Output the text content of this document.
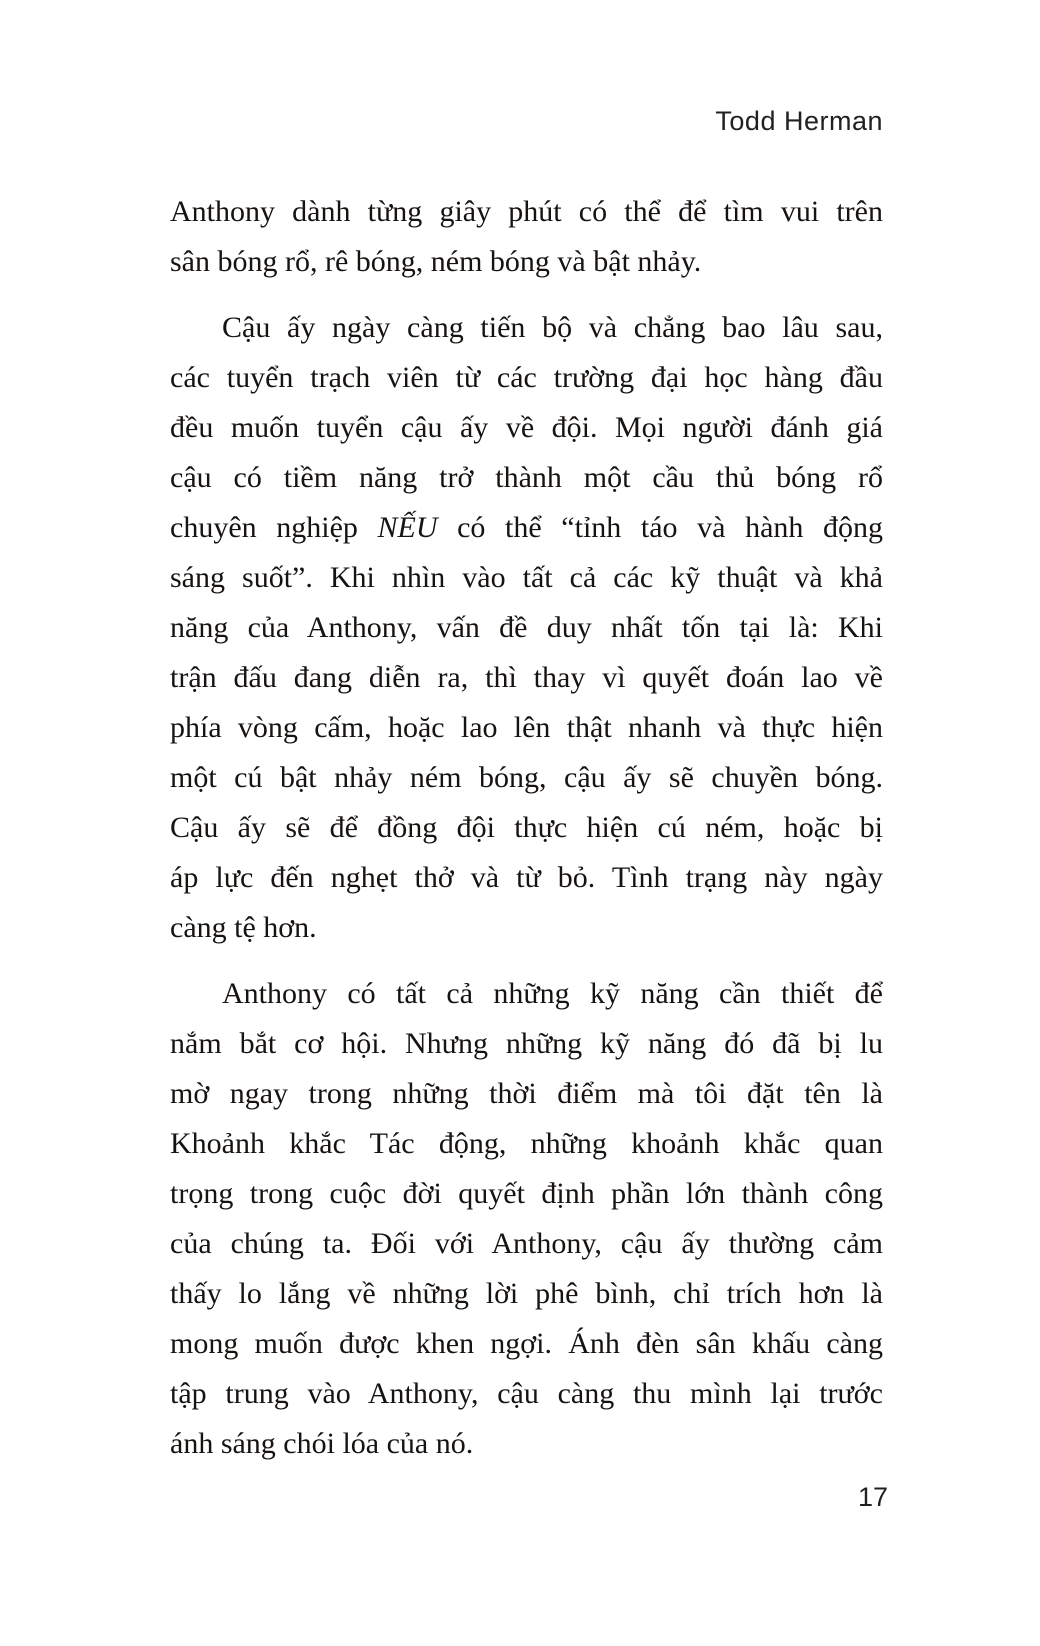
Todd Herman
Anthony dành từng giây phút có thể để tìm vui trên
sân bóng rổ, rê bóng, ném bóng và bật nhảy.
Cậu ấy ngày càng tiến bộ và chẳng bao lâu sau,
các tuyển trạch viên từ các trường đại học hàng đầu
đều muốn tuyển cậu ấy về đội. Mọi người đánh giá
cậu có tiềm năng trở thành một cầu thủ bóng rổ
chuyên nghiệp NẾU có thể “tỉnh táo và hành động
sáng suốt”. Khi nhìn vào tất cả các kỹ thuật và khả
năng của Anthony, vấn đề duy nhất tốn tại là: Khi
trận đấu đang diễn ra, thì thay vì quyết đoán lao về
phía vòng cấm, hoặc lao lên thật nhanh và thực hiện
một cú bật nhảy ném bóng, cậu ấy sẽ chuyền bóng.
Cậu ấy sẽ để đồng đội thực hiện cú ném, hoặc bị
áp lực đến nghẹt thở và từ bỏ. Tình trạng này ngày
càng tệ hơn.
Anthony có tất cả những kỹ năng cần thiết để
nắm bắt cơ hội. Nhưng những kỹ năng đó đã bị lu
mờ ngay trong những thời điểm mà tôi đặt tên là
Khoảnh khắc Tác động, những khoảnh khắc quan
trọng trong cuộc đời quyết định phần lớn thành công
của chúng ta. Đối với Anthony, cậu ấy thường cảm
thấy lo lắng về những lời phê bình, chỉ trích hơn là
mong muốn được khen ngợi. Ánh đèn sân khấu càng
tập trung vào Anthony, cậu càng thu mình lại trước
ánh sáng chói lóa của nó.
17
